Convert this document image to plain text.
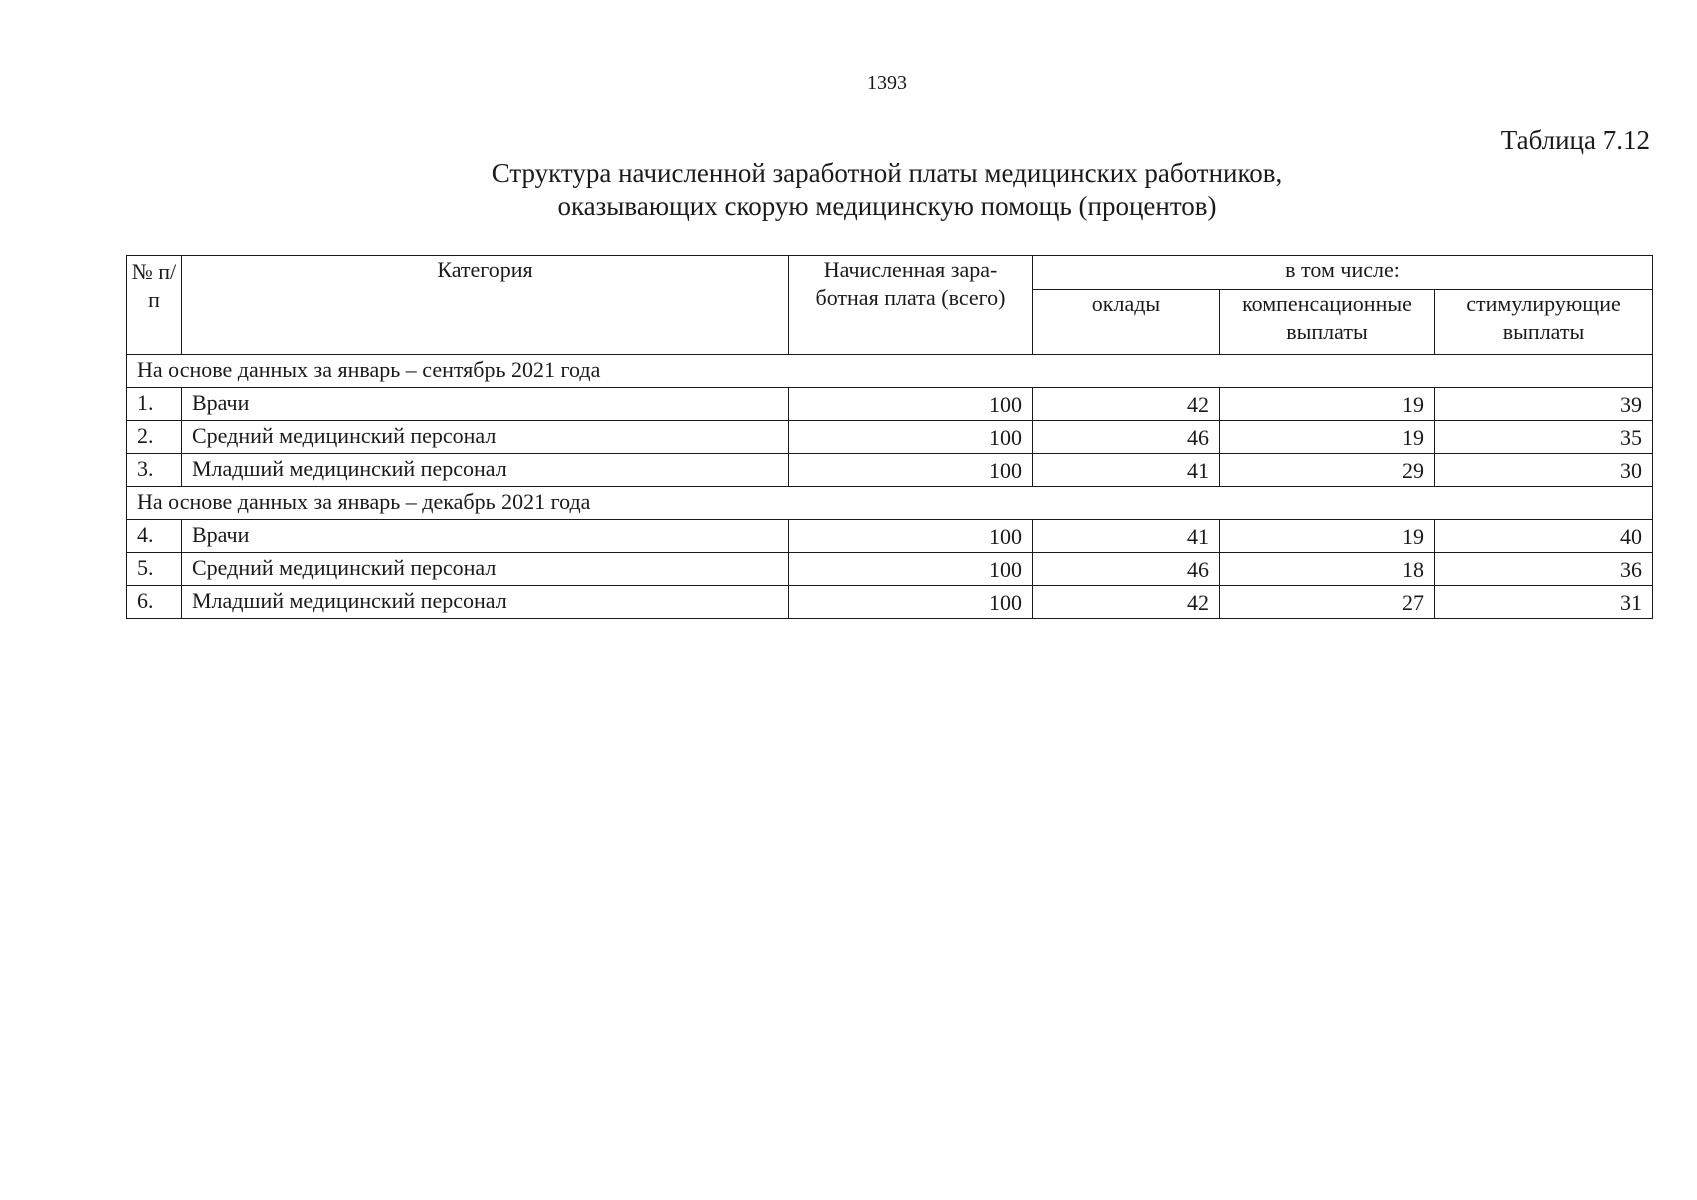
1393
Таблица 7.12
Структура начисленной заработной платы медицинских работников,
оказывающих скорую медицинскую помощь (процентов)
№ п/п	Категория	Начисленная зара-ботная плата (всего)	в том числе:		
			оклады	компенсационные выплаты	стимулирующие выплаты
На основе данных за январь – сентябрь 2021 года					
1.	Врачи	100	42	19	39
2.	Средний медицинский персонал	100	46	19	35
3.	Младший медицинский персонал	100	41	29	30
На основе данных за январь – декабрь 2021 года					
4.	Врачи	100	41	19	40
5.	Средний медицинский персонал	100	46	18	36
6.	Младший медицинский персонал	100	42	27	31
